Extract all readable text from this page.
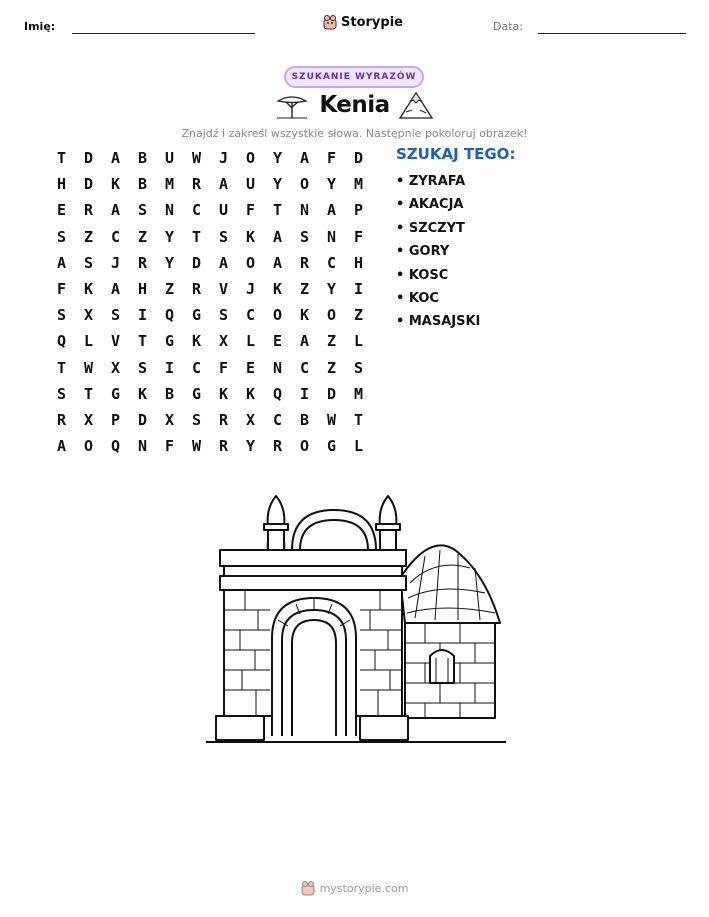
Imię:	Storypie	Data:
SZUKANIE WYRAZÓW
Kenia
Znajdź i zakreśl wszystkie słowa. Następnie pokoloruj obrazek!
T	D	A	B	U	W	J	O	Y	A	F	D
H	D	K	B	M	R	A	U	Y	O	Y	M
E	R	A	S	N	C	U	F	T	N	A	P
S	Z	C	Z	Y	T	S	K	A	S	N	F
A	S	J	R	Y	D	A	O	A	R	C	H
F	K	A	H	Z	R	V	J	K	Z	Y	I
S	X	S	I	Q	G	S	C	O	K	O	Z
Q	L	V	T	G	K	X	L	E	A	Z	L
T	W	X	S	I	C	F	E	N	C	Z	S
S	T	G	K	B	G	K	K	Q	I	D	M
R	X	P	D	X	S	R	X	C	B	W	T
A	O	Q	N	F	W	R	Y	R	O	G	L
SZUKAJ TEGO:
• ZYRAFA
• AKACJA
• SZCZYT
• GORY
• KOSC
• KOC
• MASAJSKI
mystorypie.com
